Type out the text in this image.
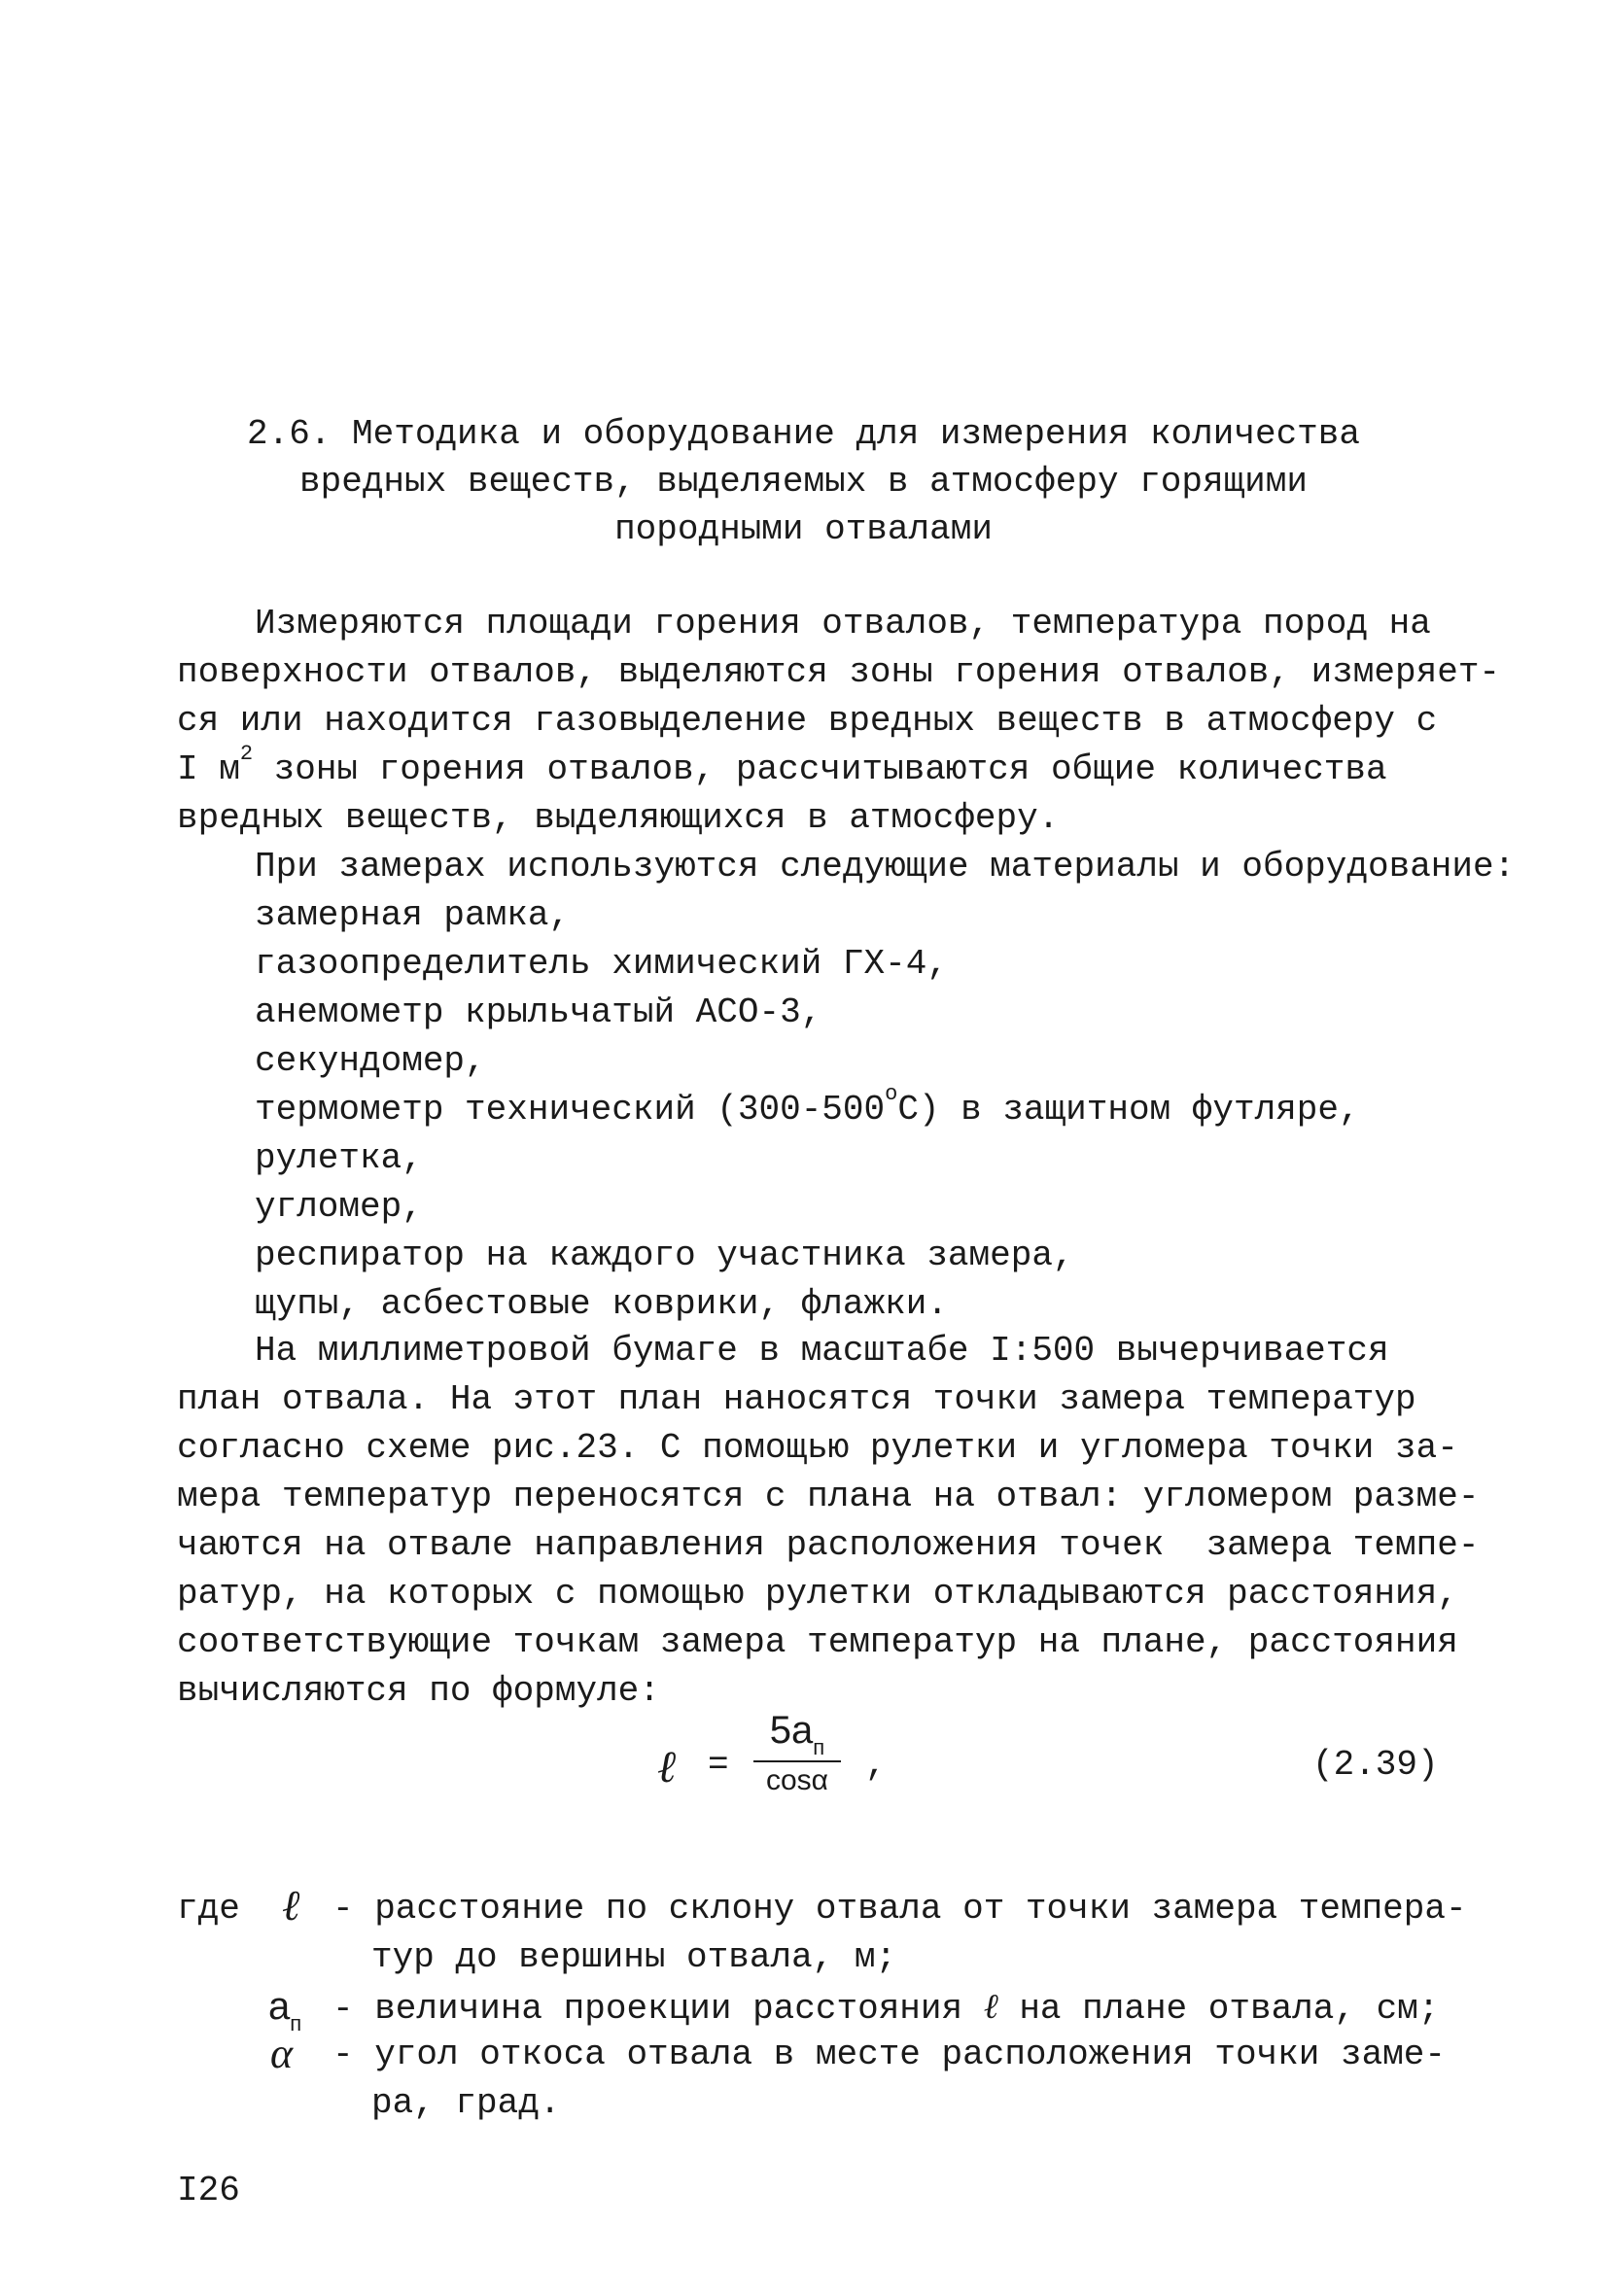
2.6. Методика и оборудование для измерения количества
вредных веществ, выделяемых в атмосферу горящими
породными отвалами
Измеряются площади горения отвалов, температура пород на
поверхности отвалов, выделяются зоны горения отвалов, измеряет-
ся или находится газовыделение вредных веществ в атмосферу с
I $м^2$ зоны горения отвалов, рассчитываются общие количества
вредных веществ, выделяющихся в атмосферу.
При замерах используются следующие материалы и оборудование:
замерная рамка,
газоопределитель химический ГХ-4,
анемометр крыльчатый АСО-3,
секундомер,
термометр технический $(300-500^оС)$ в защитном футляре,
рулетка,
угломер,
респиратор на каждого участника замера,
щупы, асбестовые коврики, флажки.
На миллиметровой бумаге в масштабе I:500 вычерчивается
план отвала. На этот план наносятся точки замера температур
согласно схеме рис.23. С помощью рулетки и угломера точки за-
мера температур переносятся с плана на отвал: угломером разме-
чаются на отвале направления расположения точек  замера темпе-
ратур, на которых с помощью рулетки откладываются расстояния,
соответствующие точкам замера температур на плане, расстояния
вычисляются по формуле:
ℓ =
$5a_п$
cosα	,	(2.39)
где ℓ - расстояние по склону отвала от точки замера темпера-
тур до вершины отвала, м;
$a_п$ - величина проекции расстояния ℓ на плане отвала, см;
α - угол откоса отвала в месте расположения точки заме-
ра, град.
I26
